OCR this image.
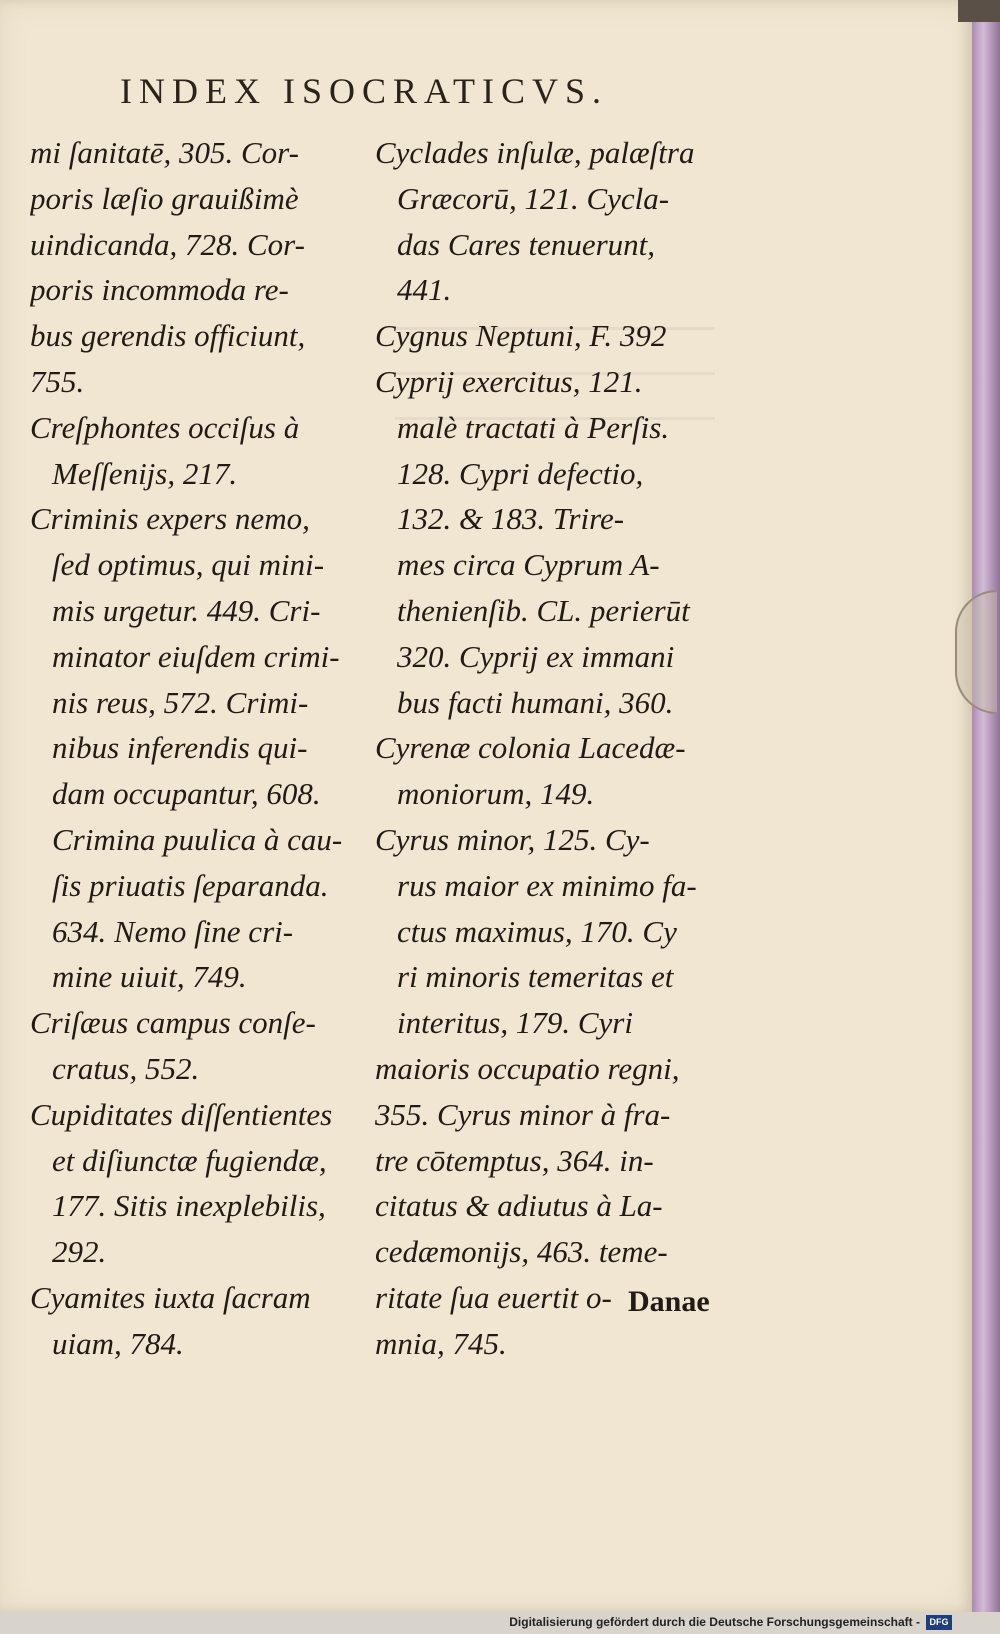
INDEX ISOCRATICVS.
mi ſanitatē, 305. Cor-
poris læſio grauißimè
uindicanda, 728. Cor-
poris incommoda re-
bus gerendis officiunt,
755.
Creſphontes occiſus à
Meſſenijs, 217.
Criminis expers nemo,
ſed optimus, qui mini-
mis urgetur. 449. Cri-
minator eiuſdem crimi-
nis reus, 572. Crimi-
nibus inferendis qui-
dam occupantur, 608.
Crimina puulica à cau-
ſis priuatis ſeparanda.
634. Nemo ſine cri-
mine uiuit, 749.
Criſæus campus conſe-
cratus, 552.
Cupiditates diſſentientes
et diſiunctæ fugiendæ,
177. Sitis inexplebilis,
292.
Cyamites iuxta ſacram
uiam, 784.
Cyclades inſulæ, palæſtra
Græcorū, 121. Cycla-
das Cares tenuerunt,
441.
Cygnus Neptuni, F. 392
Cyprij exercitus, 121.
malè tractati à Perſis.
128. Cypri defectio,
132. & 183. Trire-
mes circa Cyprum A-
thenienſib. CL. perierūt
320. Cyprij ex immani
bus facti humani, 360.
Cyrenæ colonia Lacedæ-
moniorum, 149.
Cyrus minor, 125. Cy-
rus maior ex minimo fa-
ctus maximus, 170. Cy
ri minoris temeritas et
interitus, 179. Cyri
maioris occupatio regni,
355. Cyrus minor à fra-
tre cōtemptus, 364. in-
citatus & adiutus à La-
cedæmonijs, 463. teme-
ritate ſua euertit o-
mnia, 745.
Danae
Digitalisierung gefördert durch die Deutsche Forschungsgemeinschaft -	DFG
